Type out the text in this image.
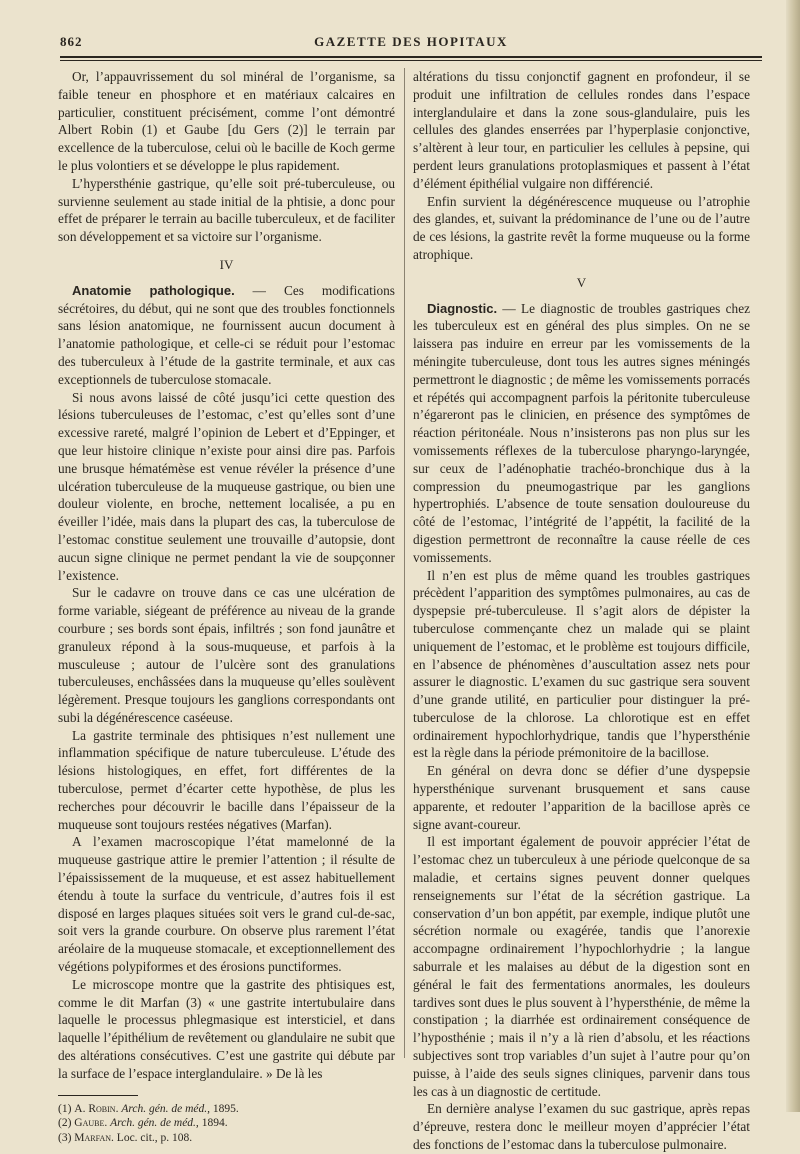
862	GAZETTE DES HOPITAUX

Or, l’appauvrissement du sol minéral de l’organisme, sa faible teneur en phosphore et en matériaux calcaires en particulier, constituent précisément, comme l’ont démontré Albert Robin (1) et Gaube [du Gers (2)] le terrain par excellence de la tuberculose, celui où le bacille de Koch germe le plus volontiers et se développe le plus rapidement.

L’hypersthénie gastrique, qu’elle soit pré-tuberculeuse, ou survienne seulement au stade initial de la phtisie, a donc pour effet de préparer le terrain au bacille tuberculeux, et de faciliter son développement et sa victoire sur l’organisme.

IV

Anatomie pathologique. — Ces modifications sécrétoires, du début, qui ne sont que des troubles fonctionnels sans lésion anatomique, ne fournissent aucun document à l’anatomie pathologique, et celle-ci se réduit pour l’estomac des tuberculeux à l’étude de la gastrite terminale, et aux cas exceptionnels de tuberculose stomacale.

Si nous avons laissé de côté jusqu’ici cette question des lésions tuberculeuses de l’estomac, c’est qu’elles sont d’une excessive rareté, malgré l’opinion de Lebert et d’Eppinger, et que leur histoire clinique n’existe pour ainsi dire pas. Parfois une brusque hématémèse est venue révéler la présence d’une ulcération tuberculeuse de la muqueuse gastrique, ou bien une douleur violente, en broche, nettement localisée, a pu en éveiller l’idée, mais dans la plupart des cas, la tuberculose de l’estomac constitue seulement une trouvaille d’autopsie, dont aucun signe clinique ne permet pendant la vie de soupçonner l’existence.

Sur le cadavre on trouve dans ce cas une ulcération de forme variable, siégeant de préférence au niveau de la grande courbure ; ses bords sont épais, infiltrés ; son fond jaunâtre et granuleux répond à la sous-muqueuse, et parfois à la musculeuse ; autour de l’ulcère sont des granulations tuberculeuses, enchâssées dans la muqueuse qu’elles soulèvent légèrement. Presque toujours les ganglions correspondants ont subi la dégénérescence caséeuse.

La gastrite terminale des phtisiques n’est nullement une inflammation spécifique de nature tuberculeuse. L’étude des lésions histologiques, en effet, fort différentes de la tuberculose, permet d’écarter cette hypothèse, de plus les recherches pour découvrir le bacille dans l’épaisseur de la muqueuse sont toujours restées négatives (Marfan).

A l’examen macroscopique l’état mamelonné de la muqueuse gastrique attire le premier l’attention ; il résulte de l’épaississement de la muqueuse, et est assez habituellement étendu à toute la surface du ventricule, d’autres fois il est disposé en larges plaques situées soit vers le grand cul-de-sac, soit vers la grande courbure. On observe plus rarement l’état aréolaire de la muqueuse stomacale, et exceptionnellement des végétions polypiformes et des érosions punctiformes.

Le microscope montre que la gastrite des phtisiques est, comme le dit Marfan (3) « une gastrite intertubulaire dans laquelle le processus phlegmasique est intersticiel, et dans laquelle l’épithélium de revêtement ou glandulaire ne subit que des altérations consécutives. C’est une gastrite qui débute par la surface de l’espace interglandulaire. » De là les

(1) A. Robin. Arch. gén. de méd., 1895.

(2) Gaube. Arch. gén. de méd., 1894.

(3) Marfan. Loc. cit., p. 108.

altérations du tissu conjonctif gagnent en profondeur, il se produit une infiltration de cellules rondes dans l’espace interglandulaire et dans la zone sous-glandulaire, puis les cellules des glandes enserrées par l’hyperplasie conjonctive, s’altèrent à leur tour, en particulier les cellules à pepsine, qui perdent leurs granulations protoplasmiques et passent à l’état d’élément épithélial vulgaire non différencié.

Enfin survient la dégénérescence muqueuse ou l’atrophie des glandes, et, suivant la prédominance de l’une ou de l’autre de ces lésions, la gastrite revêt la forme muqueuse ou la forme atrophique.

V

Diagnostic. — Le diagnostic de troubles gastriques chez les tuberculeux est en général des plus simples. On ne se laissera pas induire en erreur par les vomissements de la méningite tuberculeuse, dont tous les autres signes méningés permettront le diagnostic ; de même les vomissements porracés et répétés qui accompagnent parfois la péritonite tuberculeuse n’égareront pas le clinicien, en présence des symptômes de réaction péritonéale. Nous n’insisterons pas non plus sur les vomissements réflexes de la tuberculose pharyngo-laryngée, sur ceux de l’adénophatie trachéo-bronchique dus à la compression du pneumogastrique par les ganglions hypertrophiés. L’absence de toute sensation douloureuse du côté de l’estomac, l’intégrité de l’appétit, la facilité de la digestion permettront de reconnaître la cause réelle de ces vomissements.

Il n’en est plus de même quand les troubles gastriques précèdent l’apparition des symptômes pulmonaires, au cas de dyspepsie pré-tuberculeuse. Il s’agit alors de dépister la tuberculose commençante chez un malade qui se plaint uniquement de l’estomac, et le problème est toujours difficile, en l’absence de phénomènes d’auscultation assez nets pour assurer le diagnostic. L’examen du suc gastrique sera souvent d’une grande utilité, en particulier pour distinguer la pré-tuberculose de la chlorose. La chlorotique est en effet ordinairement hypochlorhydrique, tandis que l’hypersthénie est la règle dans la période prémonitoire de la bacillose.

En général on devra donc se défier d’une dyspepsie hypersthénique survenant brusquement et sans cause apparente, et redouter l’apparition de la bacillose après ce signe avant-coureur.

Il est important également de pouvoir apprécier l’état de l’estomac chez un tuberculeux à une période quelconque de sa maladie, et certains signes peuvent donner quelques renseignements sur l’état de la sécrétion gastrique. La conservation d’un bon appétit, par exemple, indique plutôt une sécrétion normale ou exagérée, tandis que l’anorexie accompagne ordinairement l’hypochlorhydrie ; la langue saburrale et les malaises au début de la digestion sont en général le fait des fermentations anormales, les douleurs tardives sont dues le plus souvent à l’hypersthénie, de même la constipation ; la diarrhée est ordinairement conséquence de l’hyposthénie ; mais il n’y a là rien d’absolu, et les réactions subjectives sont trop variables d’un sujet à l’autre pour qu’on puisse, à l’aide des seuls signes cliniques, parvenir dans tous les cas à un diagnostic de certitude.

En dernière analyse l’examen du suc gastrique, après repas d’épreuve, restera donc le meilleur moyen d’apprécier l’état des fonctions de l’estomac dans la tuberculose pulmonaire.
